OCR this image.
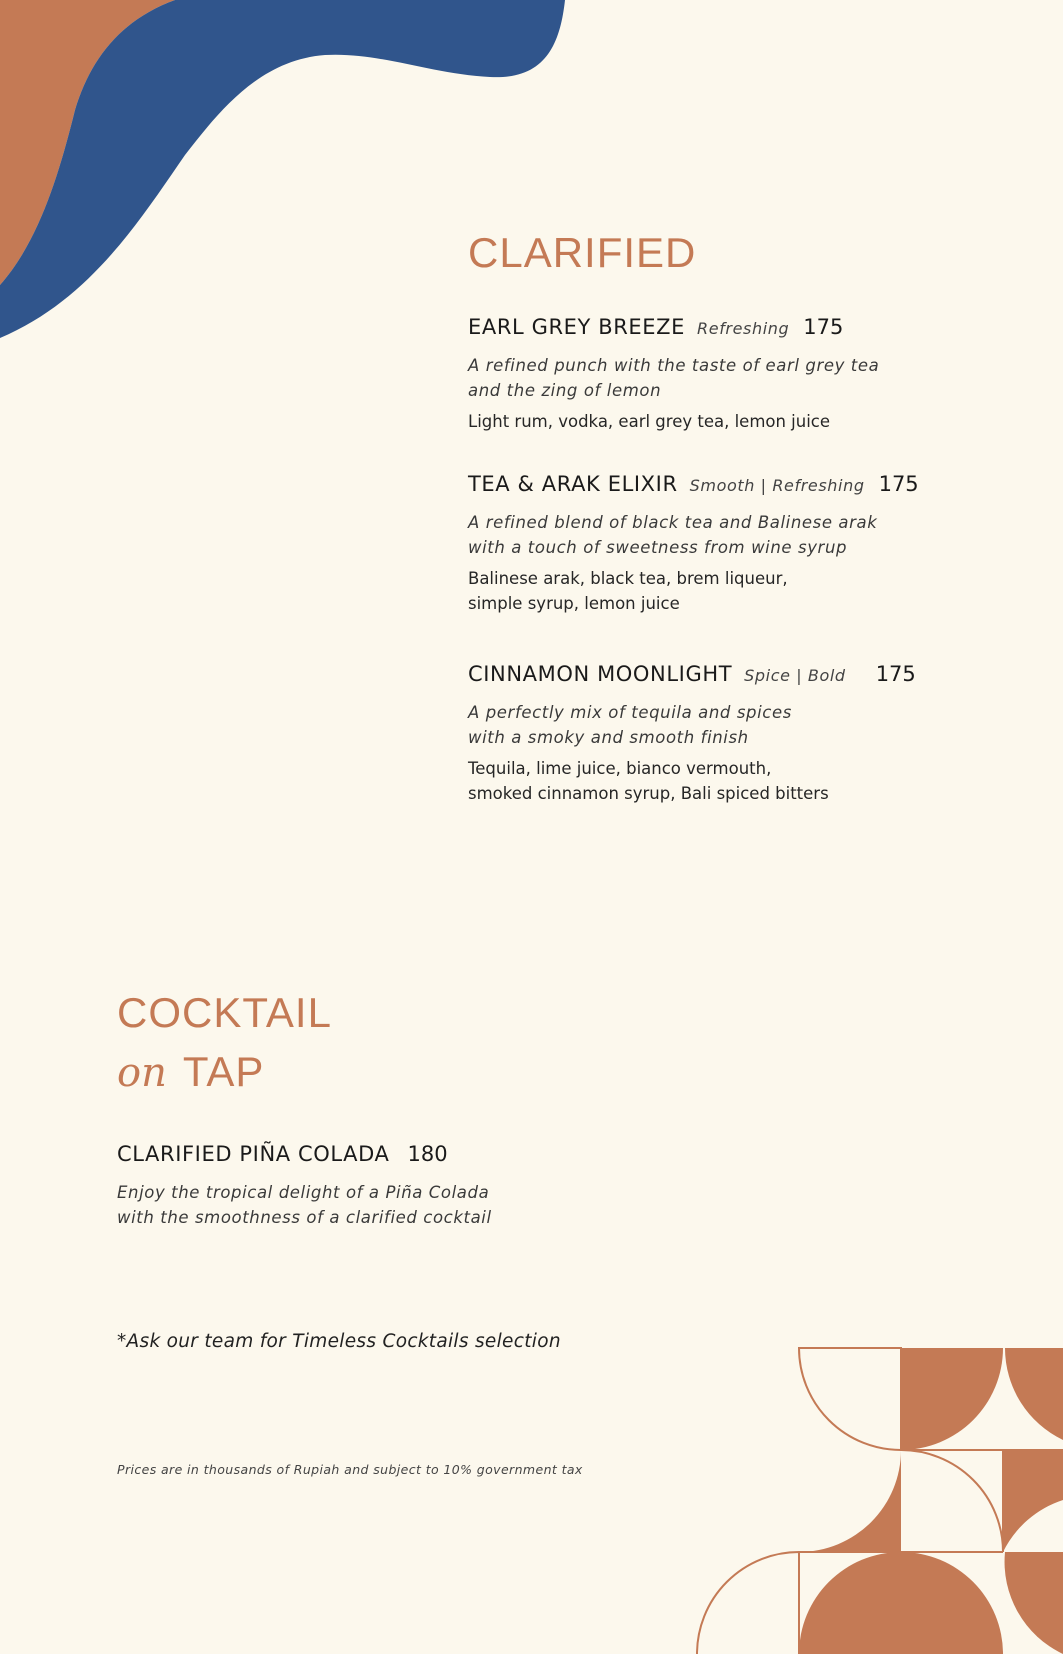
CLARIFIED
EARL GREY BREEZE Refreshing 175
A refined punch with the taste of earl grey tea
and the zing of lemon
Light rum, vodka, earl grey tea, lemon juice
TEA & ARAK ELIXIR Smooth | Refreshing 175
A refined blend of black tea and Balinese arak
with a touch of sweetness from wine syrup
Balinese arak, black tea, brem liqueur,
simple syrup, lemon juice
CINNAMON MOONLIGHT Spice | Bold 175
A perfectly mix of tequila and spices
with a smoky and smooth finish
Tequila, lime juice, bianco vermouth,
smoked cinnamon syrup, Bali spiced bitters
COCKTAIL
on TAP
CLARIFIED PIÑA COLADA 180
Enjoy the tropical delight of a Piña Colada
with the smoothness of a clarified cocktail
*Ask our team for Timeless Cocktails selection
Prices are in thousands of Rupiah and subject to 10% government tax
